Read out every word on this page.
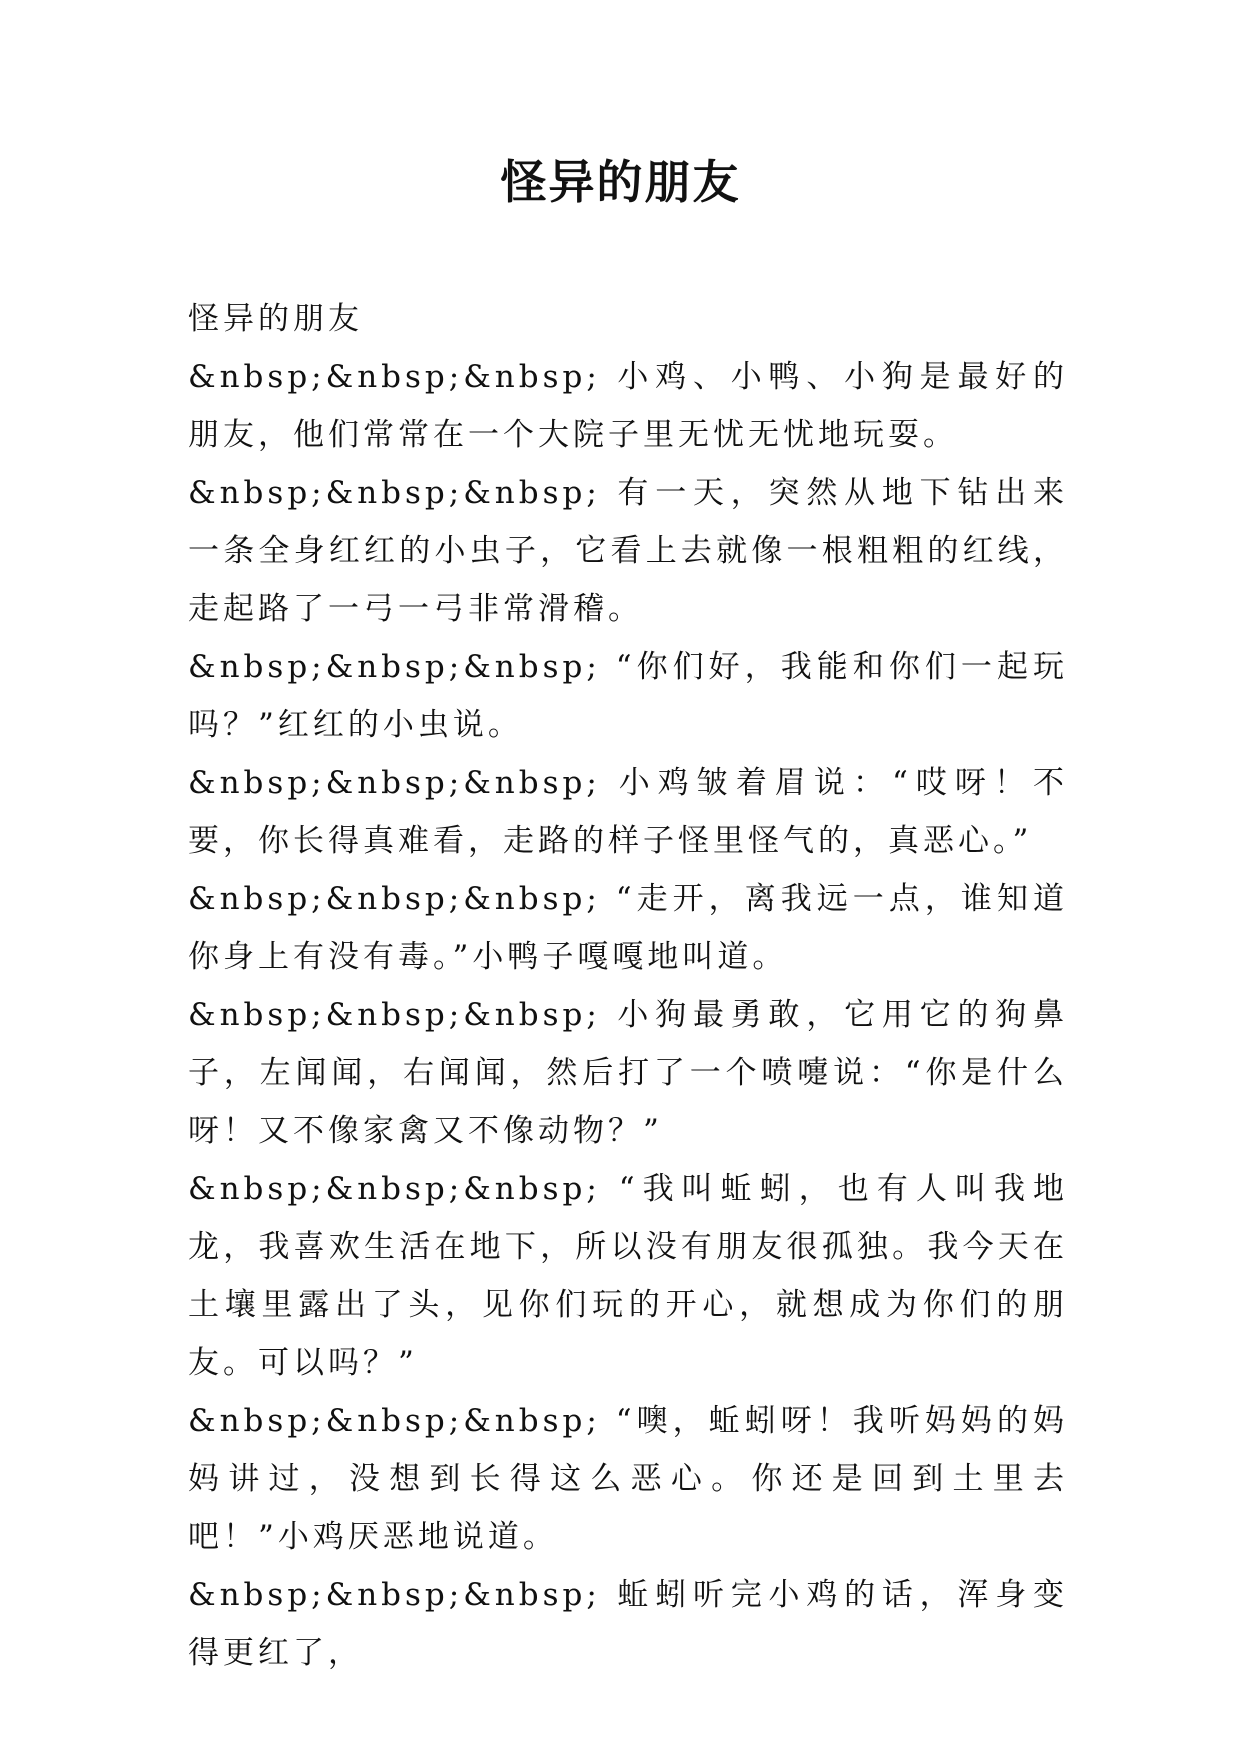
怪异的朋友

怪异的朋友

&nbsp;&nbsp;&nbsp; 小鸡、小鸭、小狗是最好的朋友，他们常常在一个大院子里无忧无忧地玩耍。

&nbsp;&nbsp;&nbsp; 有一天，突然从地下钻出来一条全身红红的小虫子，它看上去就像一根粗粗的红线，走起路了一弓一弓非常滑稽。

&nbsp;&nbsp;&nbsp; “你们好，我能和你们一起玩吗？”红红的小虫说。

&nbsp;&nbsp;&nbsp; 小鸡皱着眉说：“哎呀！不要，你长得真难看，走路的样子怪里怪气的，真恶心。”

&nbsp;&nbsp;&nbsp; “走开，离我远一点，谁知道你身上有没有毒。”小鸭子嘎嘎地叫道。

&nbsp;&nbsp;&nbsp; 小狗最勇敢，它用它的狗鼻子，左闻闻，右闻闻，然后打了一个喷嚏说：“你是什么呀！又不像家禽又不像动物？”

&nbsp;&nbsp;&nbsp; “我叫蚯蚓，也有人叫我地龙，我喜欢生活在地下，所以没有朋友很孤独。我今天在土壤里露出了头，见你们玩的开心，就想成为你们的朋友。可以吗？”

&nbsp;&nbsp;&nbsp; “噢，蚯蚓呀！我听妈妈的妈妈讲过，没想到长得这么恶心。你还是回到土里去吧！”小鸡厌恶地说道。

&nbsp;&nbsp;&nbsp; 蚯蚓听完小鸡的话，浑身变得更红了，
